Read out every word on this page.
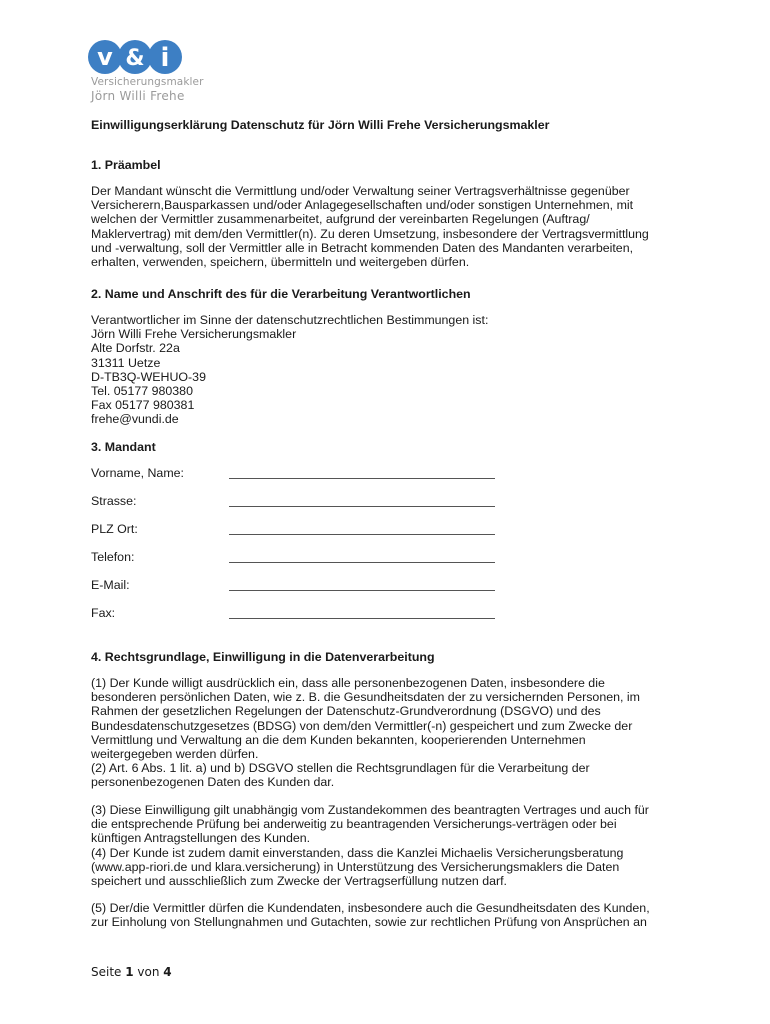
v & i
Versicherungsmakler
Jörn Willi Frehe
Einwilligungserklärung Datenschutz für Jörn Willi Frehe Versicherungsmakler
1. Präambel
Der Mandant wünscht die Vermittlung und/oder Verwaltung seiner Vertragsverhältnisse gegenüber
Versicherern,Bausparkassen und/oder Anlagegesellschaften und/oder sonstigen Unternehmen, mit
welchen der Vermittler zusammenarbeitet, aufgrund der vereinbarten Regelungen (Auftrag/
Maklervertrag) mit dem/den Vermittler(n). Zu deren Umsetzung, insbesondere der Vertragsvermittlung
und -verwaltung, soll der Vermittler alle in Betracht kommenden Daten des Mandanten verarbeiten,
erhalten, verwenden, speichern, übermitteln und weitergeben dürfen.
2. Name und Anschrift des für die Verarbeitung Verantwortlichen
Verantwortlicher im Sinne der datenschutzrechtlichen Bestimmungen ist:
Jörn Willi Frehe Versicherungsmakler
Alte Dorfstr. 22a
31311 Uetze
D-TB3Q-WEHUO-39
Tel. 05177 980380
Fax 05177 980381
frehe@vundi.de
3. Mandant
Vorname, Name:
Strasse:
PLZ Ort:
Telefon:
E-Mail:
Fax:
4. Rechtsgrundlage, Einwilligung in die Datenverarbeitung
(1) Der Kunde willigt ausdrücklich ein, dass alle personenbezogenen Daten, insbesondere die
besonderen persönlichen Daten, wie z. B. die Gesundheitsdaten der zu versichernden Personen, im
Rahmen der gesetzlichen Regelungen der Datenschutz-Grundverordnung (DSGVO) und des
Bundesdatenschutzgesetzes (BDSG) von dem/den Vermittler(-n) gespeichert und zum Zwecke der
Vermittlung und Verwaltung an die dem Kunden bekannten, kooperierenden Unternehmen
weitergegeben werden dürfen.
(2) Art. 6 Abs. 1 lit. a) und b) DSGVO stellen die Rechtsgrundlagen für die Verarbeitung der
personenbezogenen Daten des Kunden dar.
(3) Diese Einwilligung gilt unabhängig vom Zustandekommen des beantragten Vertrages und auch für
die entsprechende Prüfung bei anderweitig zu beantragenden Versicherungs-verträgen oder bei
künftigen Antragstellungen des Kunden.
(4) Der Kunde ist zudem damit einverstanden, dass die Kanzlei Michaelis Versicherungsberatung
(www.app-riori.de und klara.versicherung) in Unterstützung des Versicherungsmaklers die Daten
speichert und ausschließlich zum Zwecke der Vertragserfüllung nutzen darf.
(5) Der/die Vermittler dürfen die Kundendaten, insbesondere auch die Gesundheitsdaten des Kunden,
zur Einholung von Stellungnahmen und Gutachten, sowie zur rechtlichen Prüfung von Ansprüchen an
Seite 1 von 4
